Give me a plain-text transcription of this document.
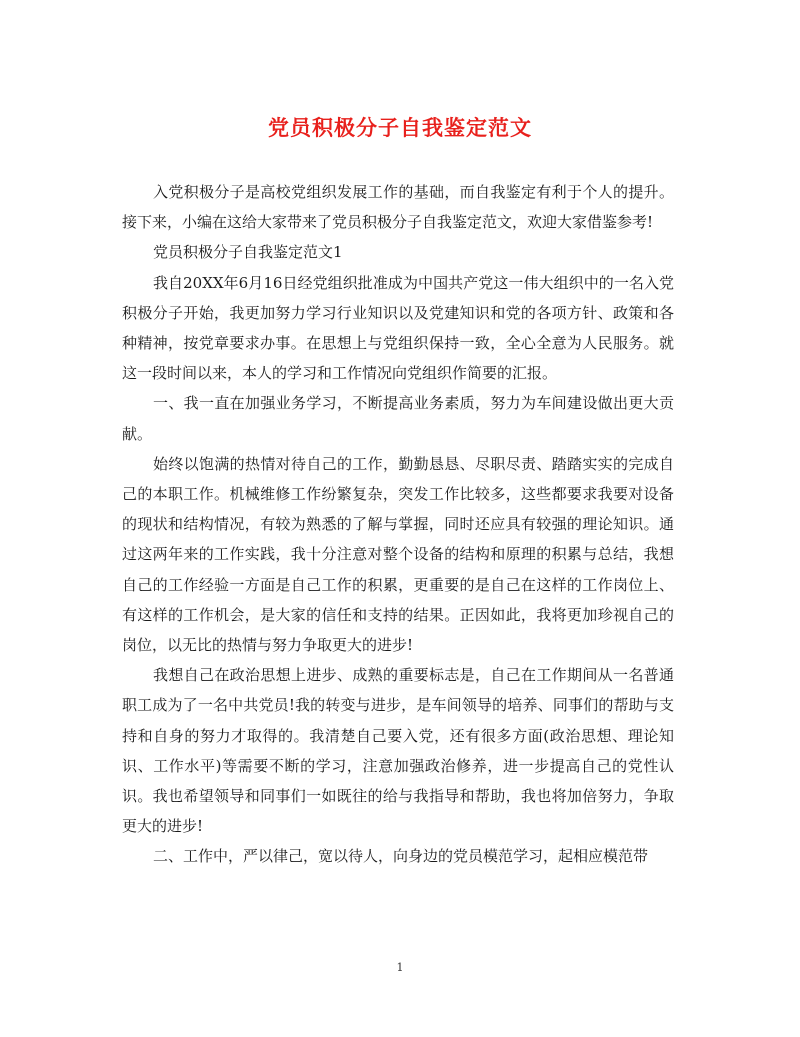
党员积极分子自我鉴定范文

入党积极分子是高校党组织发展工作的基础，而自我鉴定有利于个人的提升。接下来，小编在这给大家带来了党员积极分子自我鉴定范文，欢迎大家借鉴参考!

党员积极分子自我鉴定范文1

我自20XX年6月16日经党组织批准成为中国共产党这一伟大组织中的一名入党积极分子开始，我更加努力学习行业知识以及党建知识和党的各项方针、政策和各种精神，按党章要求办事。在思想上与党组织保持一致，全心全意为人民服务。就这一段时间以来，本人的学习和工作情况向党组织作简要的汇报。

一、我一直在加强业务学习，不断提高业务素质，努力为车间建设做出更大贡献。

始终以饱满的热情对待自己的工作，勤勤恳恳、尽职尽责、踏踏实实的完成自己的本职工作。机械维修工作纷繁复杂，突发工作比较多，这些都要求我要对设备的现状和结构情况，有较为熟悉的了解与掌握，同时还应具有较强的理论知识。通过这两年来的工作实践，我十分注意对整个设备的结构和原理的积累与总结，我想自己的工作经验一方面是自己工作的积累，更重要的是自己在这样的工作岗位上、有这样的工作机会，是大家的信任和支持的结果。正因如此，我将更加珍视自己的岗位，以无比的热情与努力争取更大的进步!

我想自己在政治思想上进步、成熟的重要标志是，自己在工作期间从一名普通职工成为了一名中共党员!我的转变与进步，是车间领导的培养、同事们的帮助与支持和自身的努力才取得的。我清楚自己要入党，还有很多方面(政治思想、理论知识、工作水平)等需要不断的学习，注意加强政治修养，进一步提高自己的党性认识。我也希望领导和同事们一如既往的给与我指导和帮助，我也将加倍努力，争取更大的进步!

二、工作中，严以律己，宽以待人，向身边的党员模范学习，起相应模范带

1
